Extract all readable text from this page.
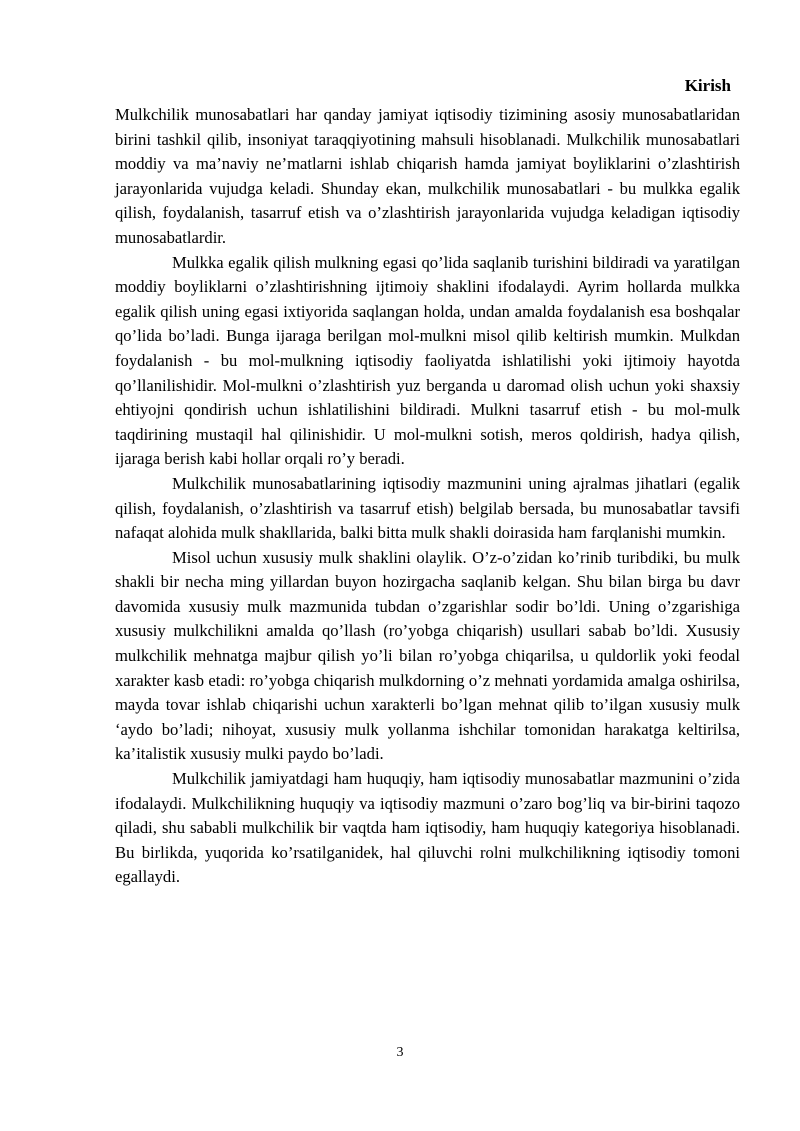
Kirish

Mulkchilik munosabatlari har qanday jamiyat iqtisodiy tizimining asosiy munosabatlaridan birini tashkil qilib, insoniyat taraqqiyotining mahsuli hisoblanadi. Mulkchilik munosabatlari moddiy va ma’naviy ne’matlarni ishlab chiqarish hamda jamiyat boyliklarini o’zlashtirish jarayonlarida vujudga keladi. Shunday ekan, mulkchilik munosabatlari - bu mulkka egalik qilish, foydalanish, tasarruf etish va o’zlashtirish jarayonlarida vujudga keladigan iqtisodiy munosabatlardir.

Mulkka egalik qilish mulkning egasi qo’lida saqlanib turishini bildiradi va yaratilgan moddiy boyliklarni o’zlashtirishning ijtimoiy shaklini ifodalaydi. Ayrim hollarda mulkka egalik qilish uning egasi ixtiyorida saqlangan holda, undan amalda foydalanish esa boshqalar qo’lida bo’ladi. Bunga ijaraga berilgan mol-mulkni misol qilib keltirish mumkin. Mulkdan foydalanish - bu mol-mulkning iqtisodiy faoliyatda ishlatilishi yoki ijtimoiy hayotda qo’llanilishidir. Mol-mulkni o’zlashtirish yuz berganda u daromad olish uchun yoki shaxsiy ehtiyojni qondirish uchun ishlatilishini bildiradi. Mulkni tasarruf etish - bu mol-mulk taqdirining mustaqil hal qilinishidir. U mol-mulkni sotish, meros qoldirish, hadya qilish, ijaraga berish kabi hollar orqali ro’y beradi.

Mulkchilik munosabatlarining iqtisodiy mazmunini uning ajralmas jihatlari (egalik qilish, foydalanish, o’zlashtirish va tasarruf etish) belgilab bersada, bu munosabatlar tavsifi nafaqat alohida mulk shakllarida, balki bitta mulk shakli doirasida ham farqlanishi mumkin.

Misol uchun xususiy mulk shaklini olaylik. O’z-o’zidan ko’rinib turibdiki, bu mulk shakli bir necha ming yillardan buyon hozirgacha saqlanib kelgan. Shu bilan birga bu davr davomida xususiy mulk mazmunida tubdan o’zgarishlar sodir bo’ldi. Uning o’zgarishiga xususiy mulkchilikni amalda qo’llash (ro’yobga chiqarish) usullari sabab bo’ldi. Xususiy mulkchilik mehnatga majbur qilish yo’li bilan ro’yobga chiqarilsa, u quldorlik yoki feodal xarakter kasb etadi: ro’yobga chiqarish mulkdorning o’z mehnati yordamida amalga oshirilsa, mayda tovar ishlab chiqarishi uchun xarakterli bo’lgan mehnat qilib to’ilgan xususiy mulk ‘aydo bo’ladi; nihoyat, xususiy mulk yollanma ishchilar tomonidan harakatga keltirilsa, ka’italistik xususiy mulki paydo bo’ladi.

Mulkchilik jamiyatdagi ham huquqiy, ham iqtisodiy munosabatlar mazmunini o’zida ifodalaydi. Mulkchilikning huquqiy va iqtisodiy mazmuni o’zaro bog’liq va bir-birini taqozo qiladi, shu sababli mulkchilik bir vaqtda ham iqtisodiy, ham huquqiy kategoriya hisoblanadi. Bu birlikda, yuqorida ko’rsatilganidek, hal qiluvchi rolni mulkchilikning iqtisodiy tomoni egallaydi.

3
